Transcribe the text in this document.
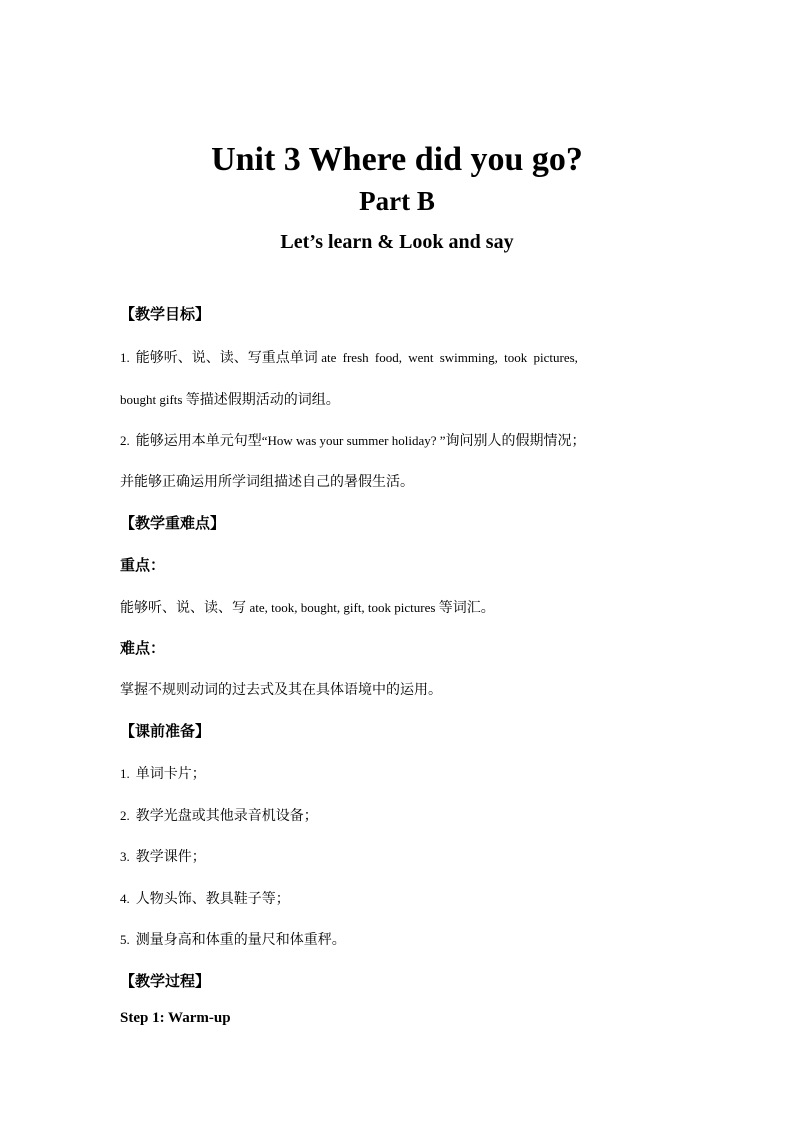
Unit 3 Where did you go?
Part B
Let’s learn & Look and say
【教学目标】
1. 能够听、说、读、写重点单词 ate fresh food, went swimming, took pictures,
bought gifts 等描述假期活动的词组。
2. 能够运用本单元句型“How was your summer holiday? ”询问别人的假期情况；
并能够正确运用所学词组描述自己的暑假生活。
【教学重难点】
重点：
能够听、说、读、写 ate, took, bought, gift, took pictures 等词汇。
难点：
掌握不规则动词的过去式及其在具体语境中的运用。
【课前准备】
1. 单词卡片；
2. 教学光盘或其他录音机设备；
3. 教学课件；
4. 人物头饰、教具鞋子等；
5. 测量身高和体重的量尺和体重秤。
【教学过程】
Step 1: Warm-up
